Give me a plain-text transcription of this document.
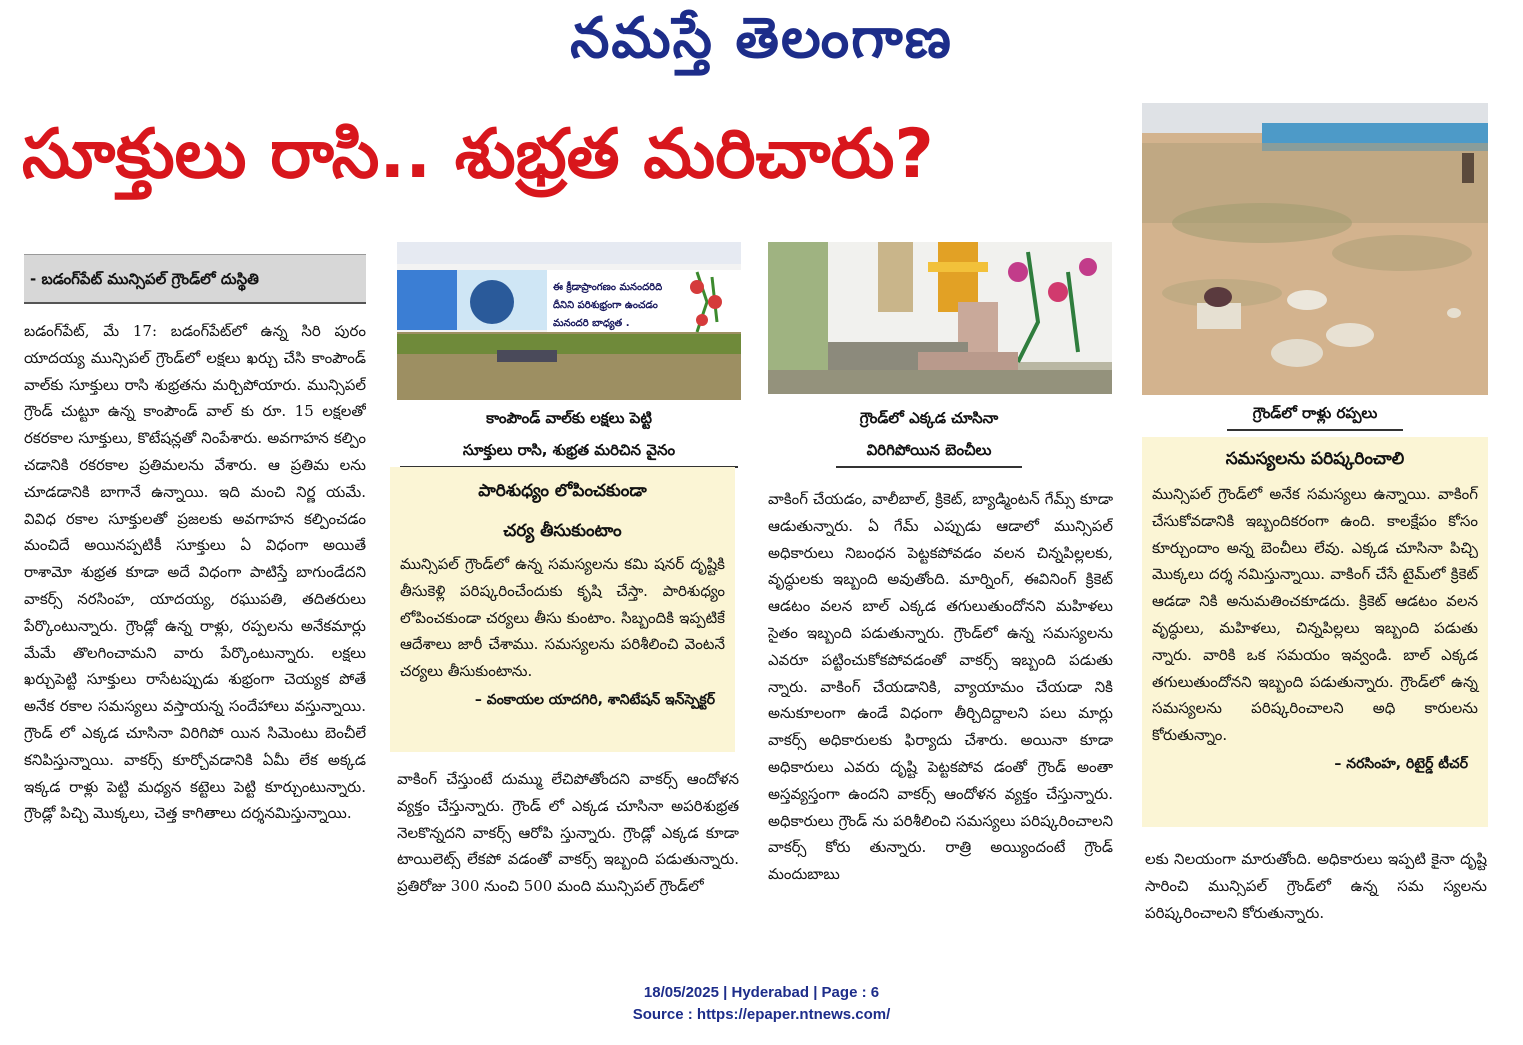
నమస్తే తెలంగాణ
సూక్తులు రాసి.. శుభ్రత మరిచారు?
- బడంగ్‌పేట్ మున్సిపల్ గ్రౌండ్‌లో దుస్థితి

బడంగ్‌పేట్, మే 17: బడంగ్‌పేట్‌లో ఉన్న సిరి పురం యాదయ్య మున్సిపల్ గ్రౌండ్‌లో లక్షలు ఖర్చు చేసి కాంపౌండ్ వాల్‌కు సూక్తులు రాసి శుభ్రతను మర్చిపోయారు. మున్సిపల్ గ్రౌండ్ చుట్టూ ఉన్న కాంపౌండ్ వాల్ కు రూ. 15 లక్షలతో రకరకాల సూక్తులు, కొటేషన్లతో నింపేశారు. అవగాహన కల్పిం చడానికి రకరకాల ప్రతిమలను వేశారు. ఆ ప్రతిమ లను చూడడానికి బాగానే ఉన్నాయి. ఇది మంచి నిర్ణ యమే. వివిధ రకాల సూక్తులతో ప్రజలకు అవగాహన కల్పించడం మంచిదే అయినప్పటికీ సూక్తులు ఏ విధంగా అయితే రాశామో శుభ్రత కూడా అదే విధంగా పాటిస్తే బాగుండేదని వాకర్స్ నరసింహ, యాదయ్య, రఘుపతి, తదితరులు పేర్కొంటున్నారు. గ్రౌండ్లో ఉన్న రాళ్లు, రప్పలను అనేకమార్లు మేమే తొలగించామని వారు పేర్కొంటున్నారు. లక్షలు ఖర్చుపెట్టి సూక్తులు రాసేటప్పుడు శుభ్రంగా చెయ్యక పోతే అనేక రకాల సమస్యలు వస్తాయన్న సందేహాలు వస్తున్నాయి. గ్రౌండ్ లో ఎక్కడ చూసినా విరిగిపో యిన సిమెంటు బెంచీలే కనిపిస్తున్నాయి. వాకర్స్ కూర్చోవడానికి ఏమీ లేక అక్కడ ఇక్కడ రాళ్లు పెట్టి మధ్యన కట్టెలు పెట్టి కూర్చుంటున్నారు. గ్రౌండ్లో పిచ్చి మొక్కలు, చెత్త కాగితాలు దర్శనమిస్తున్నాయి.

ఈ క్రీడాప్రాంగణం మనందరిది
దీనిని పరిశుభ్రంగా ఉంచడం
మనందరి బాధ్యత .
కాంపౌండ్ వాల్‌కు లక్షలు పెట్టి
సూక్తులు రాసి, శుభ్రత మరిచిన వైనం
గ్రౌండ్‌లో ఎక్కడ చూసినా
విరిగిపోయిన బెంచీలు
గ్రౌండ్‌లో రాళ్లు రప్పలు
పారిశుధ్యం లోపించకుండా
చర్య తీసుకుంటాం

మున్సిపల్ గ్రౌండ్‌లో ఉన్న సమస్యలను కమి షనర్ దృష్టికి తీసుకెళ్లి పరిష్కరించేందుకు కృషి చేస్తా. పారిశుధ్యం లోపించకుండా చర్యలు తీసు కుంటాం. సిబ్బందికి ఇప్పటికే ఆదేశాలు జారీ చేశాము. సమస్యలను పరిశీలించి వెంటనే చర్యలు తీసుకుంటాను.

– వంకాయల యాదగిరి, శానిటేషన్ ఇన్‌స్పెక్టర్

వాకింగ్ చేస్తుంటే దుమ్ము లేచిపోతోందని వాకర్స్ ఆందోళన వ్యక్తం చేస్తున్నారు. గ్రౌండ్ లో ఎక్కడ చూసినా అపరిశుభ్రత నెలకొన్నదని వాకర్స్ ఆరోపి స్తున్నారు. గ్రౌండ్లో ఎక్కడ కూడా టాయిలెట్స్ లేకపో వడంతో వాకర్స్ ఇబ్బంది పడుతున్నారు. ప్రతిరోజు 300 నుంచి 500 మంది మున్సిపల్ గ్రౌండ్‌లో

వాకింగ్ చేయడం, వాలీబాల్, క్రికెట్, బ్యాడ్మింటన్ గేమ్స్ కూడా ఆడుతున్నారు. ఏ గేమ్ ఎప్పుడు ఆడాలో మున్సిపల్ అధికారులు నిబంధన పెట్టకపోవడం వలన చిన్నపిల్లలకు, వృద్ధులకు ఇబ్బంది అవుతోంది. మార్నింగ్, ఈవినింగ్ క్రికెట్ ఆడటం వలన బాల్ ఎక్కడ తగులుతుందోనని మహిళలు సైతం ఇబ్బంది పడుతున్నారు. గ్రౌండ్‌లో ఉన్న సమస్యలను ఎవరూ పట్టించుకోకపోవడంతో వాకర్స్ ఇబ్బంది పడుతు న్నారు. వాకింగ్ చేయడానికి, వ్యాయామం చేయడా నికి అనుకూలంగా ఉండే విధంగా తీర్చిదిద్దాలని పలు మార్లు వాకర్స్ అధికారులకు ఫిర్యాదు చేశారు. అయినా కూడా అధికారులు ఎవరు దృష్టి పెట్టకపోవ డంతో గ్రౌండ్ అంతా అస్తవ్యస్తంగా ఉందని వాకర్స్ ఆందోళన వ్యక్తం చేస్తున్నారు. అధికారులు గ్రౌండ్ ను పరిశీలించి సమస్యలు పరిష్కరించాలని వాకర్స్ కోరు తున్నారు. రాత్రి అయ్యిందంటే గ్రౌండ్ మందుబాబు

సమస్యలను పరిష్కరించాలి

మున్సిపల్ గ్రౌండ్‌లో అనేక సమస్యలు ఉన్నాయి. వాకింగ్ చేసుకోవడానికి ఇబ్బందికరంగా ఉంది. కాలక్షేపం కోసం కూర్చుందాం అన్న బెంచీలు లేవు. ఎక్కడ చూసినా పిచ్చి మొక్కలు దర్శ నమిస్తున్నాయి. వాకింగ్ చేసే టైమ్‌లో క్రికెట్ ఆడడా నికి అనుమతించకూడదు. క్రికెట్ ఆడటం వలన వృద్ధులు, మహిళలు, చిన్నపిల్లలు ఇబ్బంది పడుతు న్నారు. వారికి ఒక సమయం ఇవ్వండి. బాల్ ఎక్కడ తగులుతుందోనని ఇబ్బంది పడుతున్నారు. గ్రౌండ్‌లో ఉన్న సమస్యలను పరిష్కరించాలని అధి కారులను కోరుతున్నాం.

– నరసింహ, రిటైర్డ్ టీచర్

లకు నిలయంగా మారుతోంది. అధికారులు ఇప్పటి కైనా దృష్టి సారించి మున్సిపల్ గ్రౌండ్‌లో ఉన్న సమ స్యలను పరిష్కరించాలని కోరుతున్నారు.

18/05/2025 | Hyderabad | Page : 6
Source : https://epaper.ntnews.com/
